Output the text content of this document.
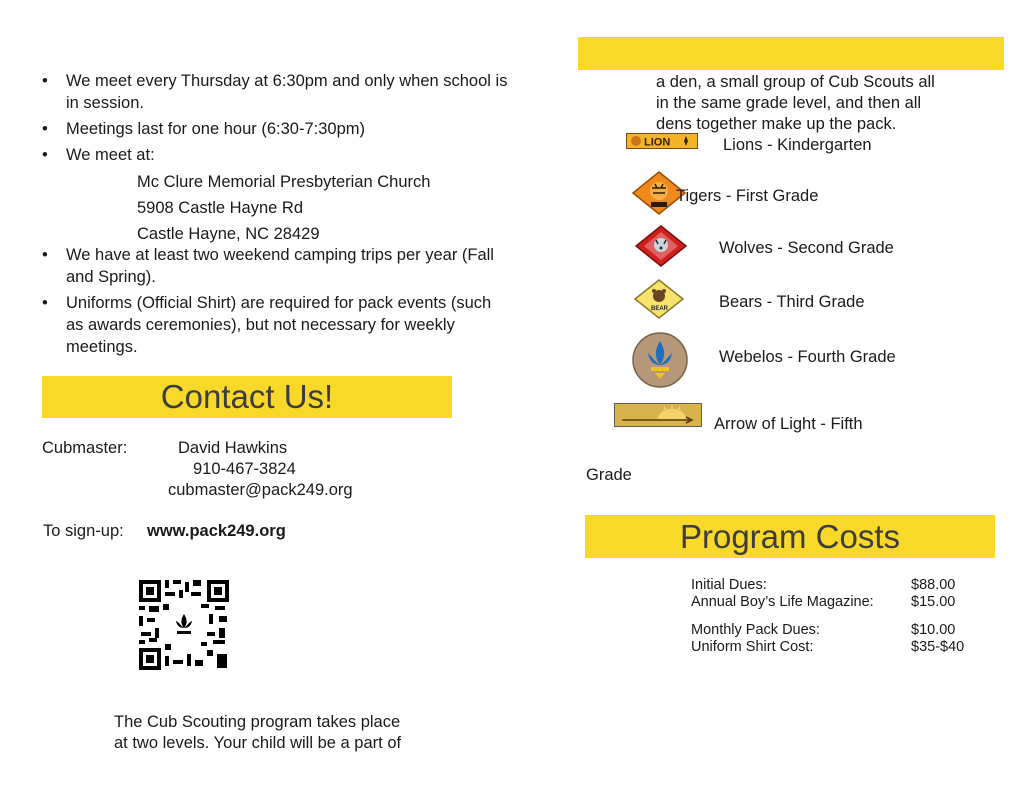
• We meet every Thursday at 6:30pm and only when school is in session.
• Meetings last for one hour (6:30-7:30pm)
• We meet at:
• We have at least two weekend camping trips per year (Fall and Spring).
• Uniforms (Official Shirt) are required for pack events (such as awards ceremonies), but not necessary for weekly meetings.
Mc Clure Memorial Presbyterian Church
5908 Castle Hayne Rd
Castle Hayne, NC 28429
Contact Us!
Cubmaster:	David Hawkins
910-467-3824
cubmaster@pack249.org
To sign-up: www.pack249.org
The Cub Scouting program takes place
at two levels. Your child will be a part of
a den, a small group of Cub Scouts all
in the same grade level, and then all
dens together make up the pack.
LION	Lions - Kindergarten
Tigers - First Grade
Wolves - Second Grade
BEAR	Bears - Third Grade
Webelos - Fourth Grade
Arrow of Light - Fifth
Grade
Program Costs
Initial Dues:	$88.00
Annual Boy’s Life Magazine:	$15.00
Monthly Pack Dues:	$10.00
Uniform Shirt Cost:	$35-$40
